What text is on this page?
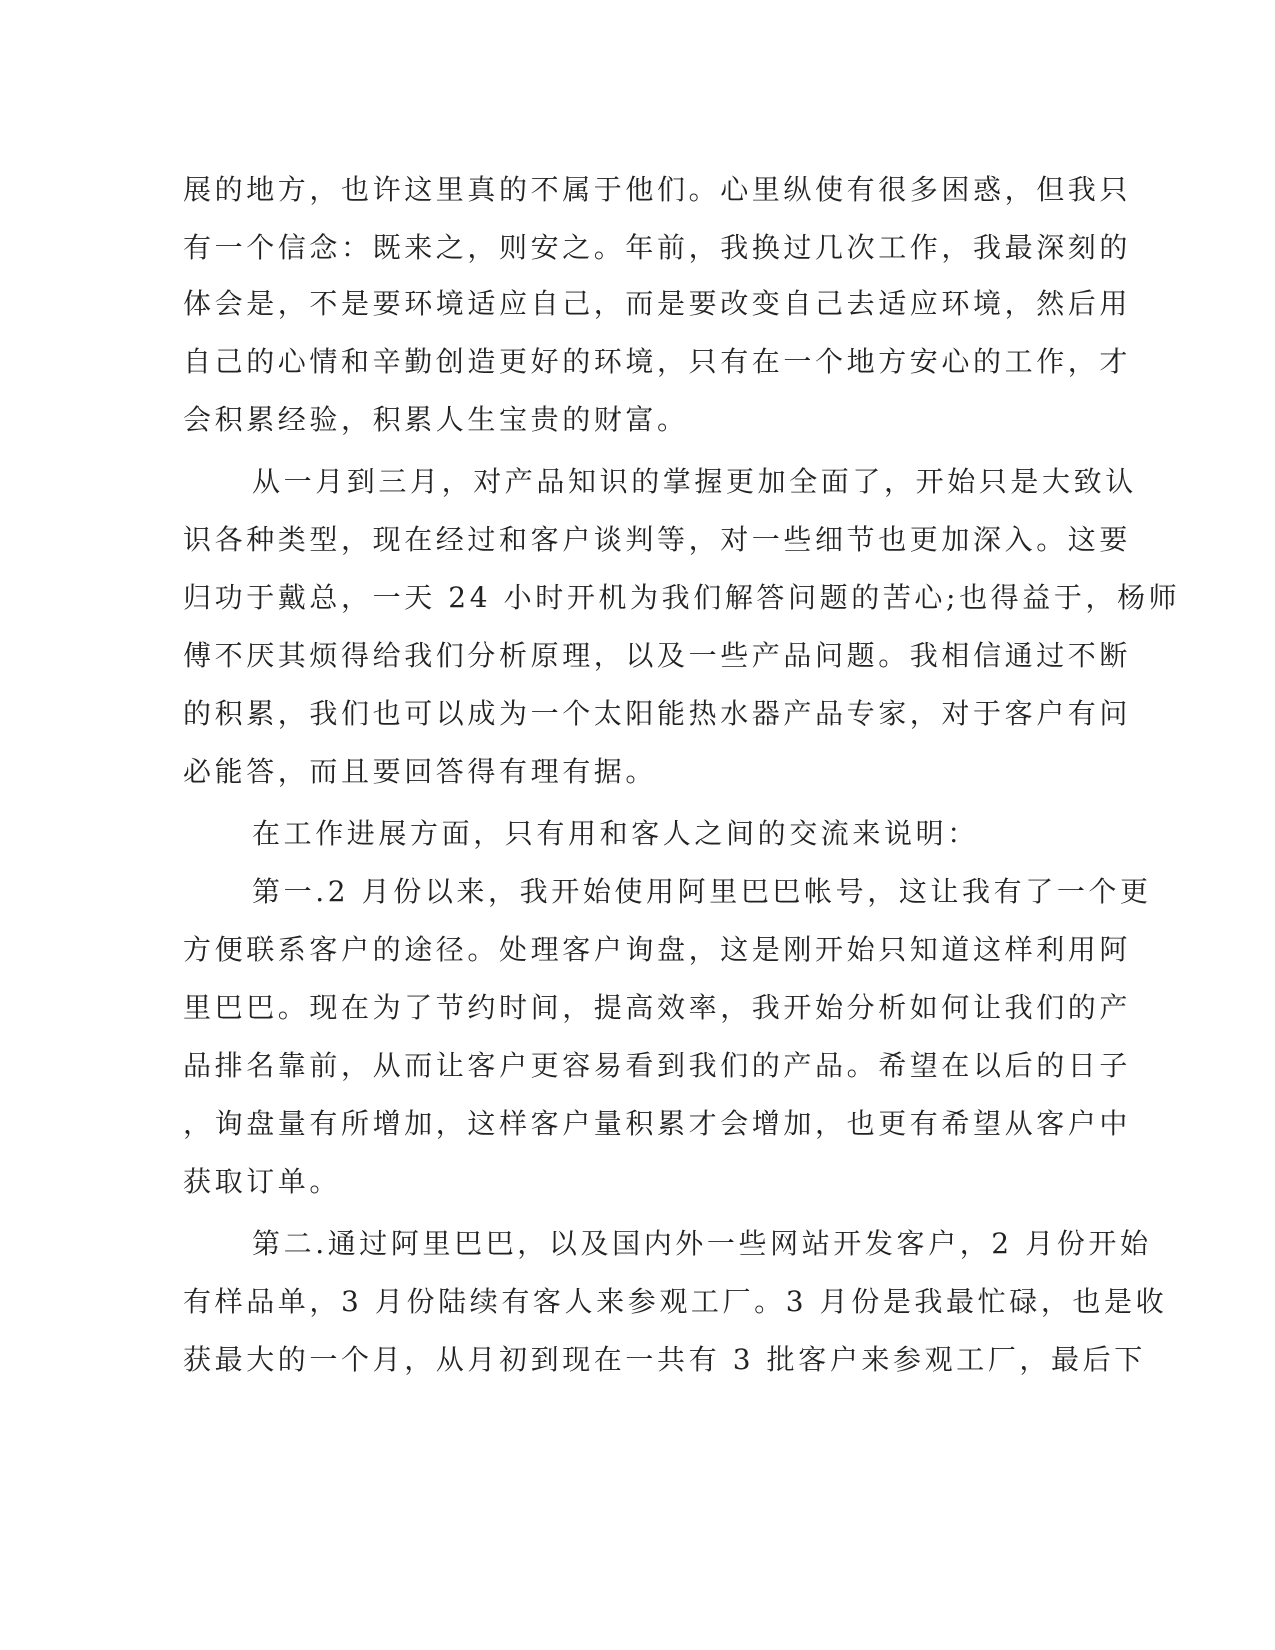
展的地方，也许这里真的不属于他们。心里纵使有很多困惑，但我只

有一个信念：既来之，则安之。年前，我换过几次工作，我最深刻的

体会是，不是要环境适应自己，而是要改变自己去适应环境，然后用

自己的心情和辛勤创造更好的环境，只有在一个地方安心的工作，才

会积累经验，积累人生宝贵的财富。

从一月到三月，对产品知识的掌握更加全面了，开始只是大致认

识各种类型，现在经过和客户谈判等，对一些细节也更加深入。这要

归功于戴总，一天 24 小时开机为我们解答问题的苦心;也得益于，杨师

傅不厌其烦得给我们分析原理，以及一些产品问题。我相信通过不断

的积累，我们也可以成为一个太阳能热水器产品专家，对于客户有问

必能答，而且要回答得有理有据。

在工作进展方面，只有用和客人之间的交流来说明：

第一.2 月份以来，我开始使用阿里巴巴帐号，这让我有了一个更

方便联系客户的途径。处理客户询盘，这是刚开始只知道这样利用阿

里巴巴。现在为了节约时间，提高效率，我开始分析如何让我们的产

品排名靠前，从而让客户更容易看到我们的产品。希望在以后的日子

，询盘量有所增加，这样客户量积累才会增加，也更有希望从客户中

获取订单。

第二.通过阿里巴巴，以及国内外一些网站开发客户，2 月份开始

有样品单，3 月份陆续有客人来参观工厂。3 月份是我最忙碌，也是收

获最大的一个月，从月初到现在一共有 3 批客户来参观工厂，最后下
